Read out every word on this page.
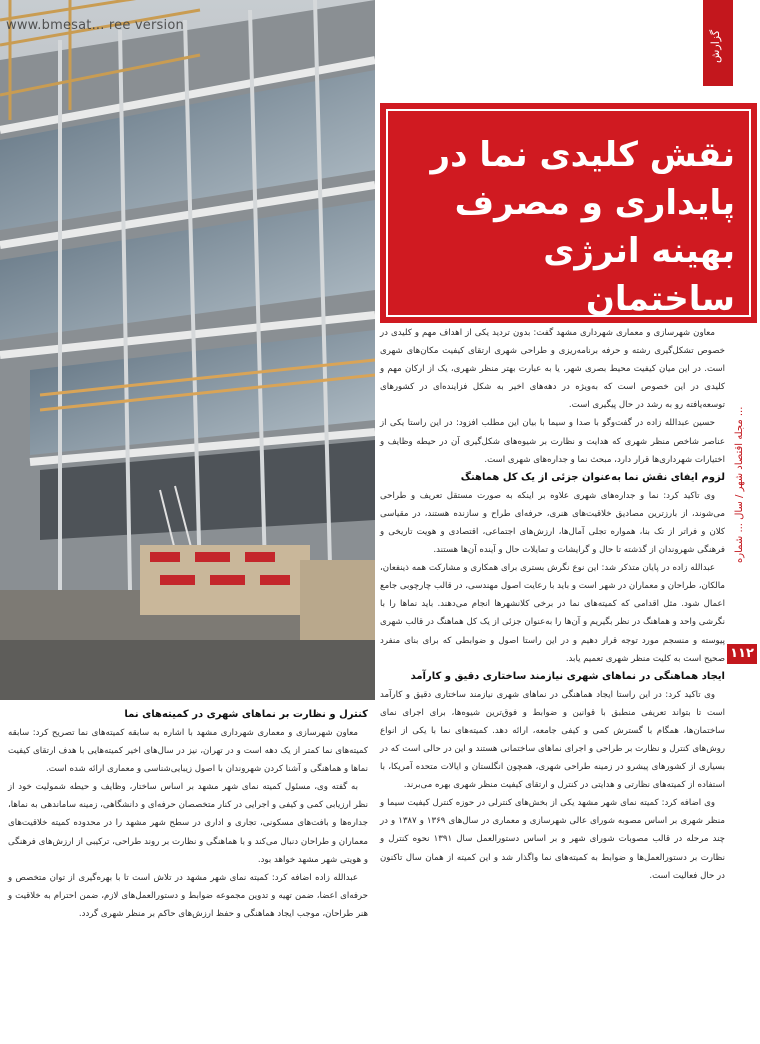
www.bmesat... ree version
گزارش
نقش کلیدی نما در
پایداری و مصرف
بهینه انرژی ساختمان
مجله اقتصاد شهر / سال ... شماره ...
۱۱۲

معاون شهرسازی و معماری شهرداری مشهد گفت: بدون تردید یکی از اهداف مهم و کلیدی در خصوص تشکل‌گیری رشته و حرفه برنامه‌ریزی و طراحی شهری ارتقای کیفیت مکان‌های شهری است. در این میان کیفیت محیط بصری شهر، یا به عبارت بهتر منظر شهری، یک از ارکان مهم و کلیدی در این خصوص است که به‌ویژه در دهه‌های اخیر به شکل فزاینده‌ای در کشورهای توسعه‌یافته رو به رشد در حال پیگیری است.

حسین عبدالله زاده در گفت‌وگو با صدا و سیما با بیان این مطلب افزود: در این راستا یکی از عناصر شاخص منظر شهری که هدایت و نظارت بر شیوه‌های شکل‌گیری آن در حیطه وظایف و اختیارات شهرداری‌ها قرار دارد، مبحث نما و جداره‌های شهری است.

لزوم ایفای نقش نما به‌عنوان جزئی از یک کل هماهنگ

وی تاکید کرد: نما و جداره‌های شهری علاوه بر اینکه به صورت مستقل تعریف و طراحی می‌شوند، از بارزترین مصادیق خلاقیت‌های هنری، حرفه‌ای طراح و سازنده هستند، در مقیاسی کلان و فراتر از تک بنا، همواره تجلی آمال‌ها، ارزش‌های اجتماعی، اقتصادی و هویت تاریخی و فرهنگی شهروندان از گذشته تا حال و گرایشات و تمایلات حال و آینده آن‌ها هستند.

عبدالله زاده در پایان متذکر شد: این نوع نگرش بستری برای همکاری و مشارکت همه ذینفعان، مالکان، طراحان و معماران در شهر است و باید با رعایت اصول مهندسی، در قالب چارچوبی جامع اعمال شود. مثل اقدامی که کمیته‌های نما در برخی کلانشهرها انجام می‌دهند. باید نماها را با نگرشی واحد و هماهنگ در نظر بگیریم و آن‌ها را به‌عنوان جزئی از یک کل هماهنگ در قالب شهری پیوسته و منسجم مورد توجه قرار دهیم و در این راستا اصول و ضوابطی که برای بنای منفرد صحیح است به کلیت منظر شهری تعمیم یابد.

ایجاد هماهنگی در نماهای شهری نیازمند ساختاری دقیق و کارآمد

وی تاکید کرد: در این راستا ایجاد هماهنگی در نماهای شهری نیازمند ساختاری دقیق و کارآمد است تا بتواند تعریفی منطبق با قوانین و ضوابط و فوق‌ترین شیوه‌ها، برای اجرای نمای ساختمان‌ها، همگام با گسترش کمی و کیفی جامعه، ارائه دهد. کمیته‌های نما با یکی از انواع روش‌های کنترل و نظارت بر طراحی و اجرای نماهای ساختمانی هستند و این در حالی است که در بسیاری از کشورهای پیشرو در زمینه طراحی شهری، همچون انگلستان و ایالات متحده آمریکا، با استفاده از کمیته‌های نظارتی و هدایتی در کنترل و ارتقای کیفیت منظر شهری بهره می‌برند.

وی اضافه کرد: کمیته نمای شهر مشهد یکی از بخش‌های کنترلی در حوزه کنترل کیفیت سیما و منظر شهری بر اساس مصوبه شورای عالی شهرسازی و معماری در سال‌های ۱۳۶۹ و ۱۳۸۷ و در چند مرحله در قالب مصوبات شورای شهر و بر اساس دستورالعمل سال ۱۳۹۱ نحوه کنترل و نظارت بر دستورالعمل‌ها و ضوابط به کمیته‌های نما واگذار شد و این کمیته از همان سال تاکنون در حال فعالیت است.

کنترل و نظارت بر نماهای شهری در کمیته‌های نما

معاون شهرسازی و معماری شهرداری مشهد با اشاره به سابقه کمیته‌های نما تصریح کرد: سابقه کمیته‌های نما کمتر از یک دهه است و در تهران، نیز در سال‌های اخیر کمیته‌هایی با هدف ارتقای کیفیت نماها و هماهنگی و آشنا کردن شهروندان با اصول زیبایی‌شناسی و معماری ارائه شده است.

به گفته وی، مسئول کمیته نمای شهر مشهد بر اساس ساختار، وظایف و حیطه شمولیت خود از نظر ارزیابی کمی و کیفی و اجرایی در کنار متخصصان حرفه‌ای و دانشگاهی، زمینه ساماندهی به نماها، جداره‌ها و بافت‌های مسکونی، تجاری و اداری در سطح شهر مشهد را در محدوده کمیته خلاقیت‌های معماران و طراحان دنبال می‌کند و با هماهنگی و نظارت بر روند طراحی، ترکیبی از ارزش‌های فرهنگی و هویتی شهر مشهد خواهد بود.

عبدالله زاده اضافه کرد: کمیته نمای شهر مشهد در تلاش است تا با بهره‌گیری از توان متخصص و حرفه‌ای اعضا، ضمن تهیه و تدوین مجموعه ضوابط و دستورالعمل‌های لازم، ضمن احترام به خلاقیت و هنر طراحان، موجب ایجاد هماهنگی و حفظ ارزش‌های حاکم بر منظر شهری گردد.
